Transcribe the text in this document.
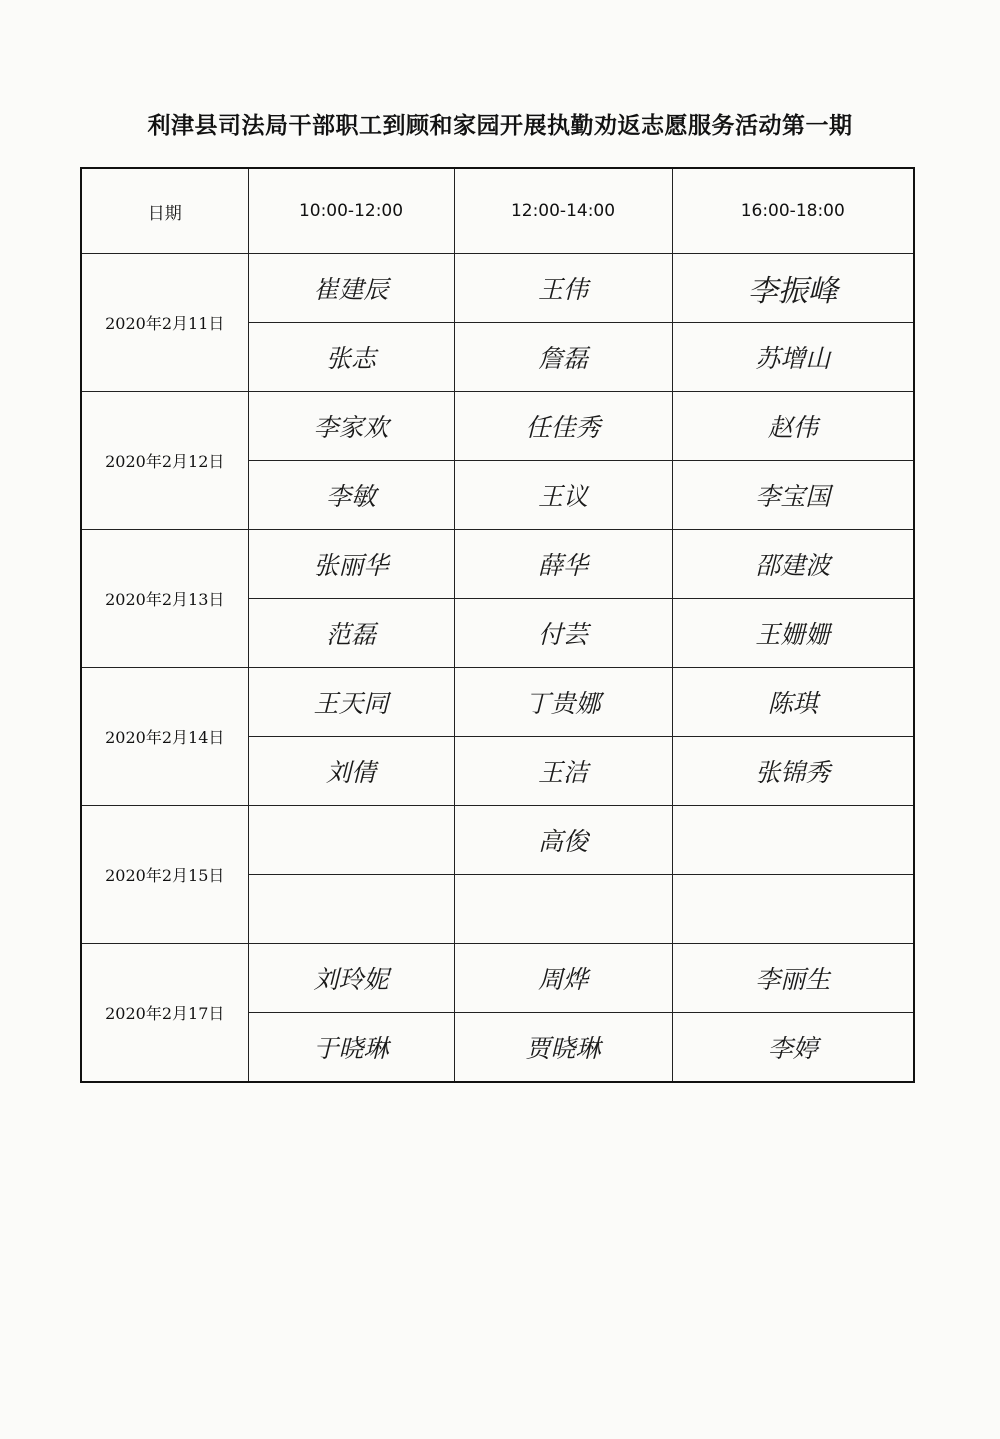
利津县司法局干部职工到顾和家园开展执勤劝返志愿服务活动第一期
日期	10:00-12:00	12:00-14:00	16:00-18:00
2020年2月11日	崔建辰	王伟	李振峰

张志	詹磊	苏增山

2020年2月12日	李家欢	任佳秀	赵伟

李敏	王议	李宝国

2020年2月13日	张丽华	薛华	邵建波

范磊	付芸	王姗姗

2020年2月14日	王天同	丁贵娜	陈琪

刘倩	王洁	张锦秀

2020年2月15日		高俊	

2020年2月17日	刘玲妮	周烨	李丽生

于晓琳	贾晓琳	李婷
